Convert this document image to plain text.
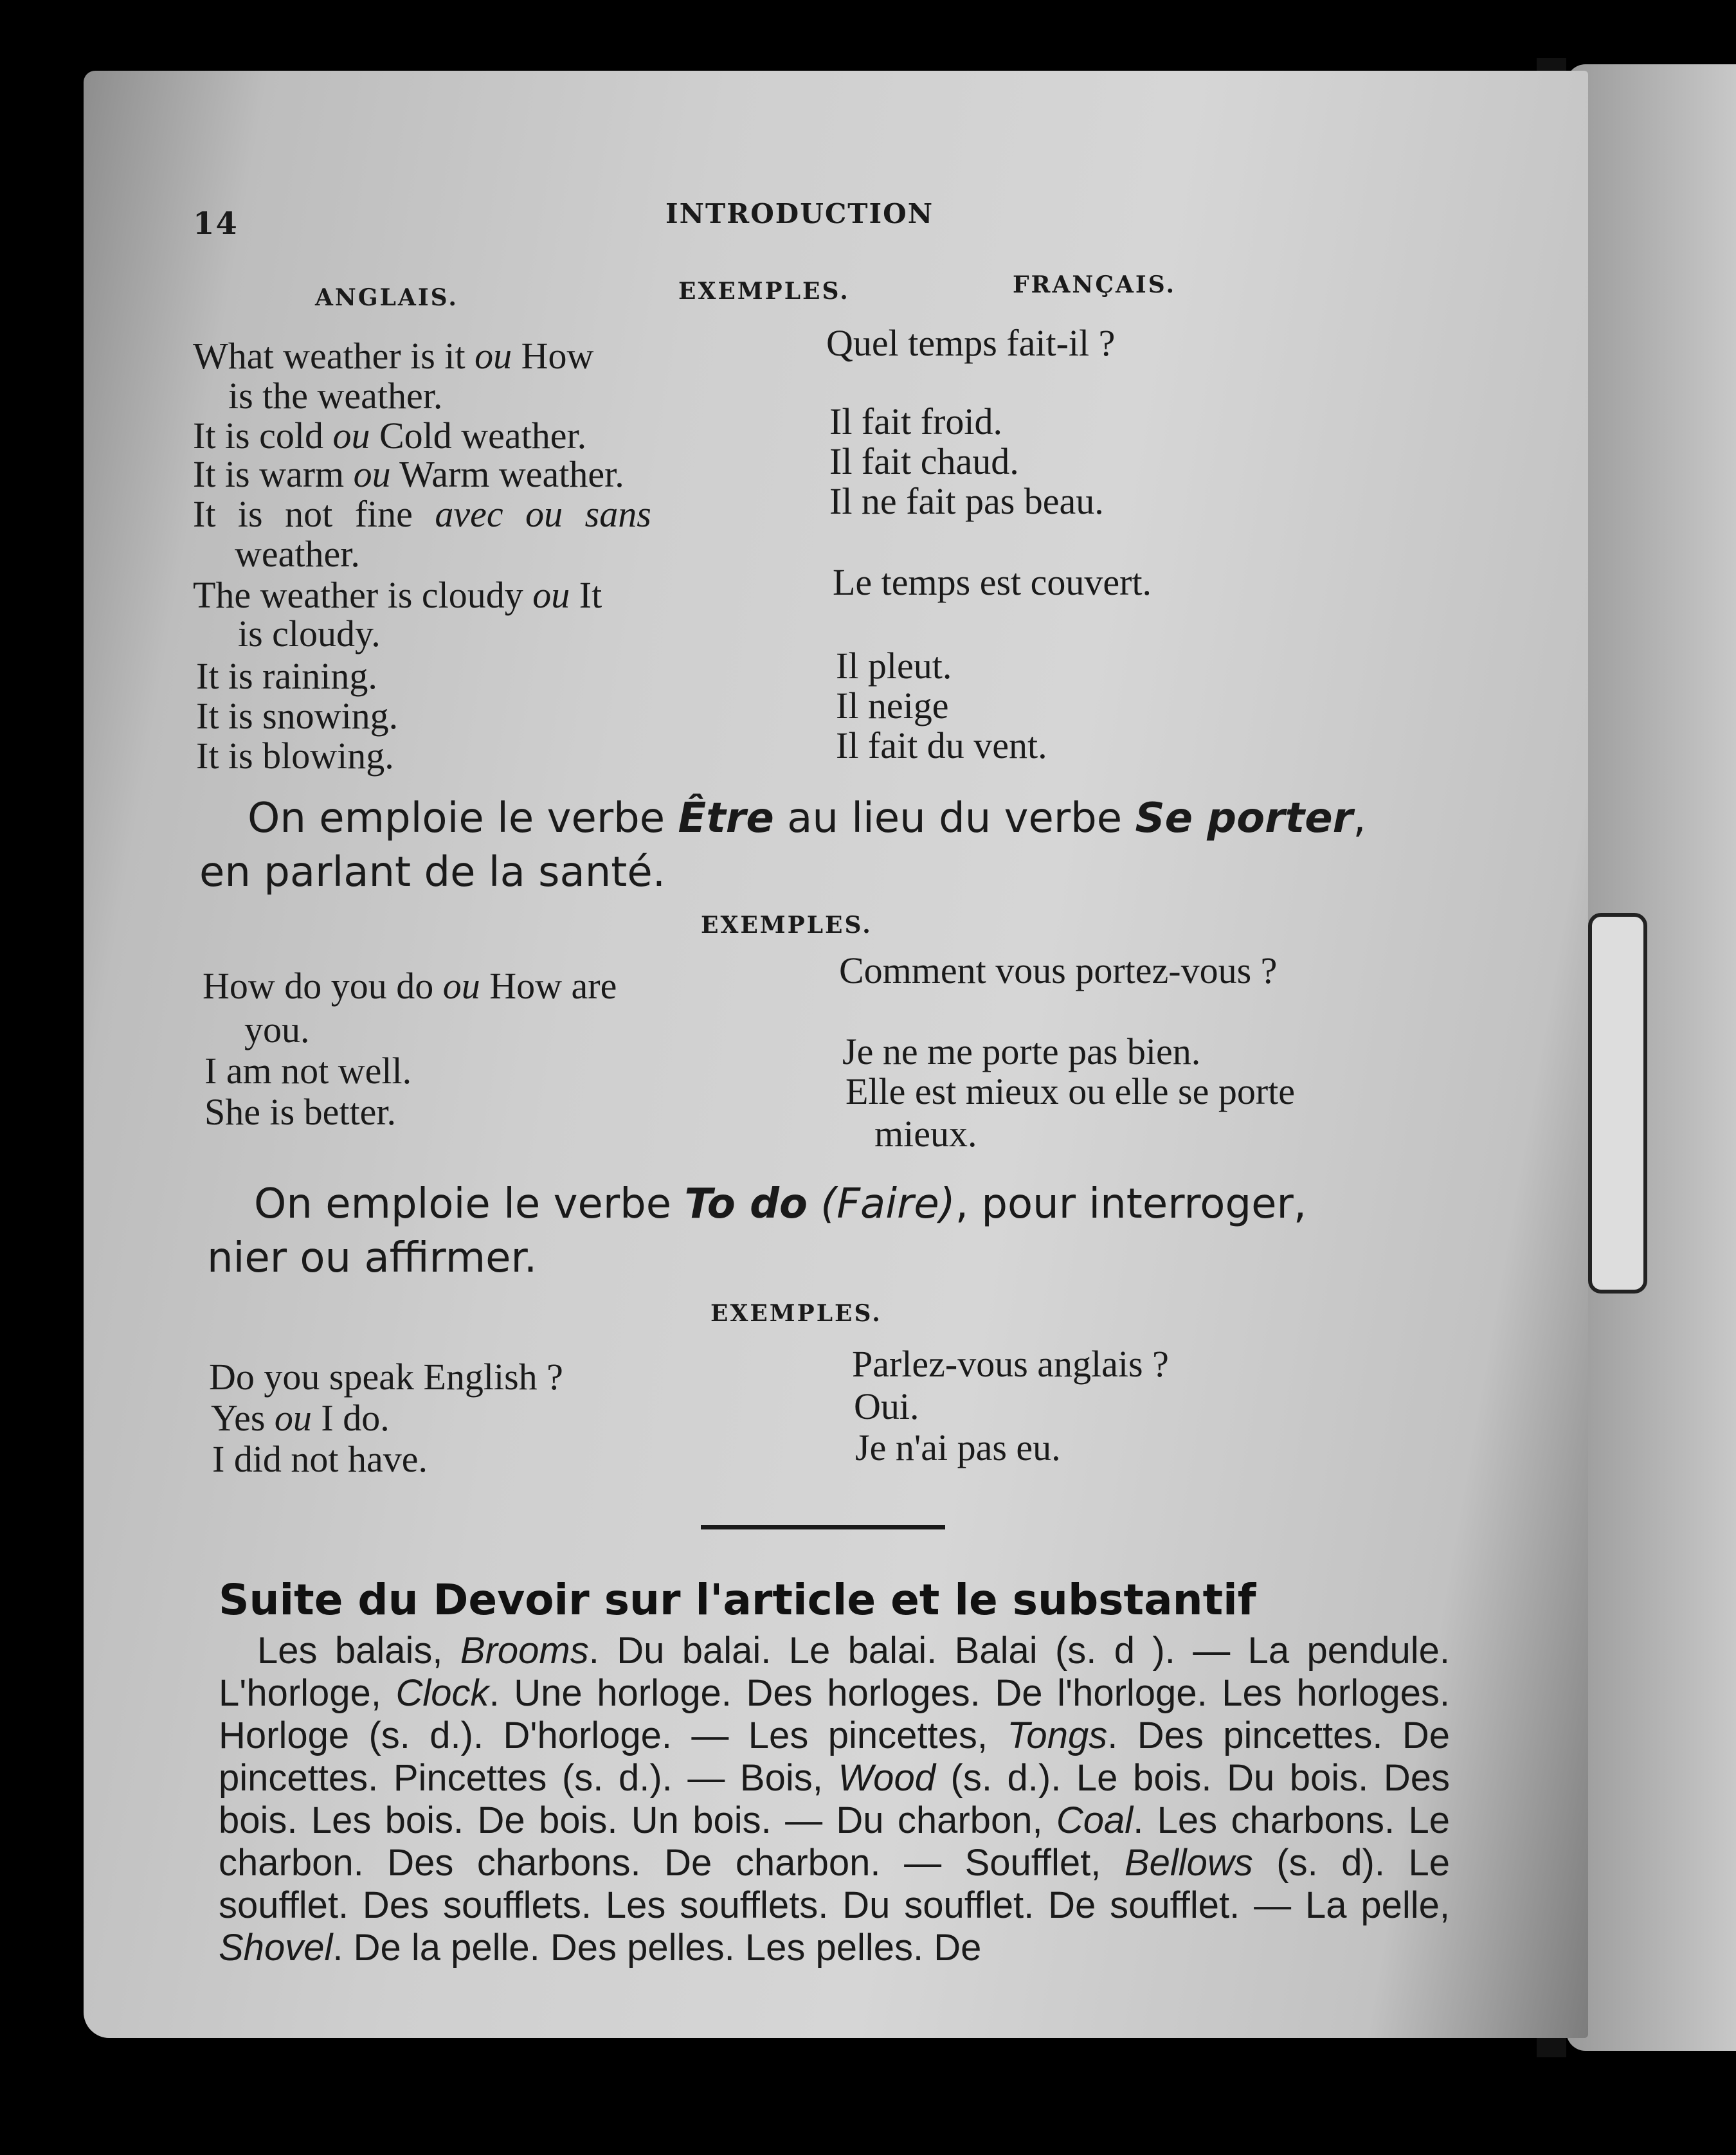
14	INTRODUCTION
ANGLAIS.	EXEMPLES.	FRANÇAIS.
What weather is it ou How	Quel temps fait-il ?
is the weather.
It is cold ou Cold weather.	Il fait froid.
It is warm ou Warm weather.	Il fait chaud.
It is not fine avec ou sans	Il ne fait pas beau.
weather.
The weather is cloudy ou It	Le temps est couvert.
is cloudy.
It is raining.	Il pleut.
It is snowing.	Il neige
It is blowing.	Il fait du vent.
On emploie le verbe Être au lieu du verbe Se porter,
en parlant de la santé.
EXEMPLES.
How do you do ou How are	Comment vous portez-vous ?
you.
I am not well.	Je ne me porte pas bien.
She is better.	Elle est mieux ou elle se porte
mieux.
On emploie le verbe To do (Faire), pour interroger,
nier ou affirmer.
EXEMPLES.
Do you speak English ?	Parlez-vous anglais ?
Yes ou I do.	Oui.
I did not have.	Je n'ai pas eu.
Suite du Devoir sur l'article et le substantif
Les balais, Brooms. Du balai. Le balai. Balai (s. d ). — La pendule. L'horloge, Clock. Une horloge. Des horloges. De l'horloge. Les horloges. Horloge (s. d.). D'horloge. — Les pincettes, Tongs. Des pincettes. De pincettes. Pincettes (s. d.). — Bois, Wood (s. d.). Le bois. Du bois. Des bois. Les bois. De bois. Un bois. — Du charbon, Coal. Les charbons. Le charbon. Des charbons. De charbon. — Soufflet, Bellows (s. d). Le soufflet. Des soufflets. Les soufflets. Du soufflet. De soufflet. — La pelle, Shovel. De la pelle. Des pelles. Les pelles. De
